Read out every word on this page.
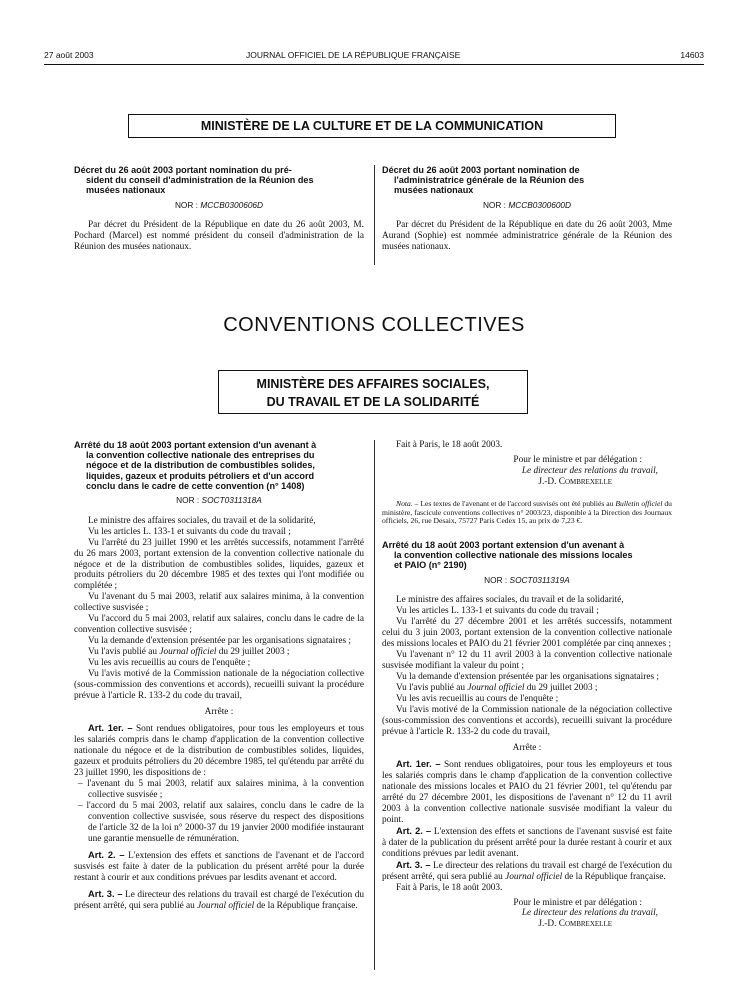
27 août 2003	JOURNAL OFFICIEL DE LA RÉPUBLIQUE FRANÇAISE	14603
MINISTÈRE DE LA CULTURE ET DE LA COMMUNICATION

Décret du 26 août 2003 portant nomination du pré-
sident du conseil d'administration de la Réunion des
musées nationaux

NOR : MCCB0300606D

Par décret du Président de la République en date du 26 août 2003, M. Pochard (Marcel) est nommé président du conseil d'administration de la Réunion des musées nationaux.

Décret du 26 août 2003 portant nomination de
l'administratrice générale de la Réunion des
musées nationaux

NOR : MCCB0300600D

Par décret du Président de la République en date du 26 août 2003, Mme Aurand (Sophie) est nommée administratrice générale de la Réunion des musées nationaux.

CONVENTIONS COLLECTIVES
MINISTÈRE DES AFFAIRES SOCIALES,
DU TRAVAIL ET DE LA SOLIDARITÉ

Arrêté du 18 août 2003 portant extension d'un avenant à
la convention collective nationale des entreprises du
négoce et de la distribution de combustibles solides,
liquides, gazeux et produits pétroliers et d'un accord
conclu dans le cadre de cette convention (n° 1408)

NOR : SOCT0311318A

Le ministre des affaires sociales, du travail et de la solidarité,

Vu les articles L. 133-1 et suivants du code du travail ;

Vu l'arrêté du 23 juillet 1990 et les arrêtés successifs, notamment l'arrêté du 26 mars 2003, portant extension de la convention collective nationale du négoce et de la distribution de combustibles solides, liquides, gazeux et produits pétroliers du 20 décembre 1985 et des textes qui l'ont modifiée ou complétée ;

Vu l'avenant du 5 mai 2003, relatif aux salaires minima, à la convention collective susvisée ;

Vu l'accord du 5 mai 2003, relatif aux salaires, conclu dans le cadre de la convention collective susvisée ;

Vu la demande d'extension présentée par les organisations signataires ;

Vu l'avis publié au Journal officiel du 29 juillet 2003 ;

Vu les avis recueillis au cours de l'enquête ;

Vu l'avis motivé de la Commission nationale de la négociation collective (sous-commission des conventions et accords), recueilli suivant la procédure prévue à l'article R. 133-2 du code du travail,

Arrête :

Art. 1er. – Sont rendues obligatoires, pour tous les employeurs et tous les salariés compris dans le champ d'application de la convention collective nationale du négoce et de la distribution de combustibles solides, liquides, gazeux et produits pétroliers du 20 décembre 1985, tel qu'étendu par arrêté du 23 juillet 1990, les dispositions de :

– l'avenant du 5 mai 2003, relatif aux salaires minima, à la convention collective susvisée ;

– l'accord du 5 mai 2003, relatif aux salaires, conclu dans le cadre de la convention collective susvisée, sous réserve du respect des dispositions de l'article 32 de la loi n° 2000-37 du 19 janvier 2000 modifiée instaurant une garantie mensuelle de rémunération.

Art. 2. – L'extension des effets et sanctions de l'avenant et de l'accord susvisés est faite à dater de la publication du présent arrêté pour la durée restant à courir et aux conditions prévues par lesdits avenant et accord.

Art. 3. – Le directeur des relations du travail est chargé de l'exécution du présent arrêté, qui sera publié au Journal officiel de la République française.

Fait à Paris, le 18 août 2003.

Pour le ministre et par délégation :

Le directeur des relations du travail,

J.-D. Combrexelle

Nota. – Les textes de l'avenant et de l'accord susvisés ont été publiés au Bulletin officiel du ministère, fascicule conventions collectives n° 2003/23, disponible à la Direction des Journaux officiels, 26, rue Desaix, 75727 Paris Cedex 15, au prix de 7,23 €.

Arrêté du 18 août 2003 portant extension d'un avenant à
la convention collective nationale des missions locales
et PAIO (n° 2190)

NOR : SOCT0311319A

Le ministre des affaires sociales, du travail et de la solidarité,

Vu les articles L. 133-1 et suivants du code du travail ;

Vu l'arrêté du 27 décembre 2001 et les arrêtés successifs, notamment celui du 3 juin 2003, portant extension de la convention collective nationale des missions locales et PAIO du 21 février 2001 complétée par cinq annexes ;

Vu l'avenant n° 12 du 11 avril 2003 à la convention collective nationale susvisée modifiant la valeur du point ;

Vu la demande d'extension présentée par les organisations signataires ;

Vu l'avis publié au Journal officiel du 29 juillet 2003 ;

Vu les avis recueillis au cours de l'enquête ;

Vu l'avis motivé de la Commission nationale de la négociation collective (sous-commission des conventions et accords), recueilli suivant la procédure prévue à l'article R. 133-2 du code du travail,

Arrête :

Art. 1er. – Sont rendues obligatoires, pour tous les employeurs et tous les salariés compris dans le champ d'application de la convention collective nationale des missions locales et PAIO du 21 février 2001, tel qu'étendu par arrêté du 27 décembre 2001, les dispositions de l'avenant n° 12 du 11 avril 2003 à la convention collective nationale susvisée modifiant la valeur du point.

Art. 2. – L'extension des effets et sanctions de l'avenant susvisé est faite à dater de la publication du présent arrêté pour la durée restant à courir et aux conditions prévues par ledit avenant.

Art. 3. – Le directeur des relations du travail est chargé de l'exécution du présent arrêté, qui sera publié au Journal officiel de la République française.

Fait à Paris, le 18 août 2003.

Pour le ministre et par délégation :

Le directeur des relations du travail,

J.-D. Combrexelle
